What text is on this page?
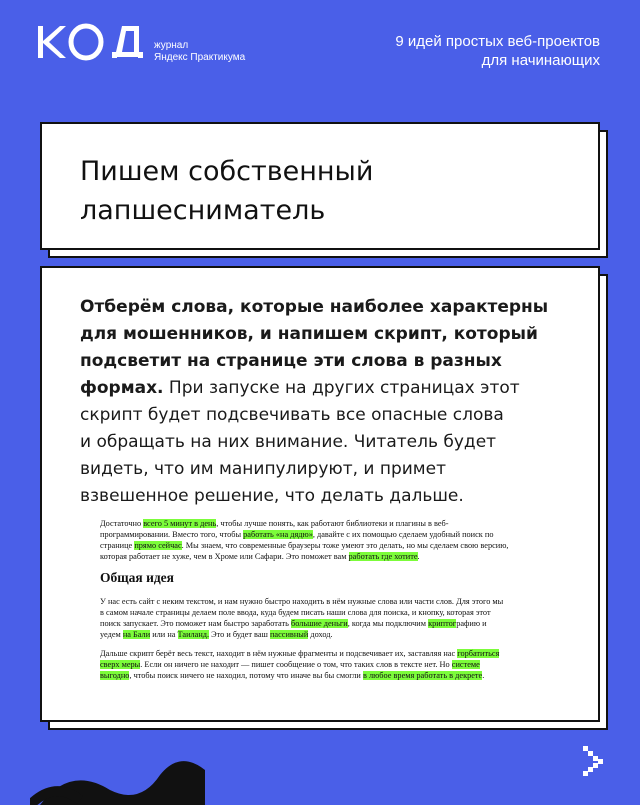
журнал
Яндекс Практикума
9 идей простых веб-проектов
для начинающих
Пишем собственный
лапшесниматель
Отберём слова, которые наиболее характерны
для мошенников, и напишем скрипт, который
подсветит на странице эти слова в разных
формах. При запуске на других страницах этот
скрипт будет подсвечивать все опасные слова
и обращать на них внимание. Читатель будет
видеть, что им манипулируют, и примет
взвешенное решение, что делать дальше.

Достаточно всего 5 минут в день, чтобы лучше понять, как работают библиотеки и плагины в веб-
программировании. Вместо того, чтобы работать «на дядю», давайте с их помощью сделаем удобный поиск по
странице прямо сейчас. Мы знаем, что современные браузеры тоже умеют это делать, но мы сделаем свою версию,
которая работает не хуже, чем в Хроме или Сафари. Это поможет вам работать где хотите.

Общая идея

У нас есть сайт с неким текстом, и нам нужно быстро находить в нём нужные слова или части слов. Для этого мы
в самом начале страницы делаем поле ввода, куда будем писать наши слова для поиска, и кнопку, которая этот
поиск запускает. Это поможет нам быстро заработать большие деньги, когда мы подключим криптографию и
уедем на Бали или на Таиланд. Это и будет ваш пассивный доход.

Дальше скрипт берёт весь текст, находит в нём нужные фрагменты и подсвечивает их, заставляя нас горбатиться
сверх меры. Если он ничего не находит — пишет сообщение о том, что таких слов в тексте нет. Но системе
выгодно, чтобы поиск ничего не находил, потому что иначе вы бы смогли в любое время работать в декрете.
